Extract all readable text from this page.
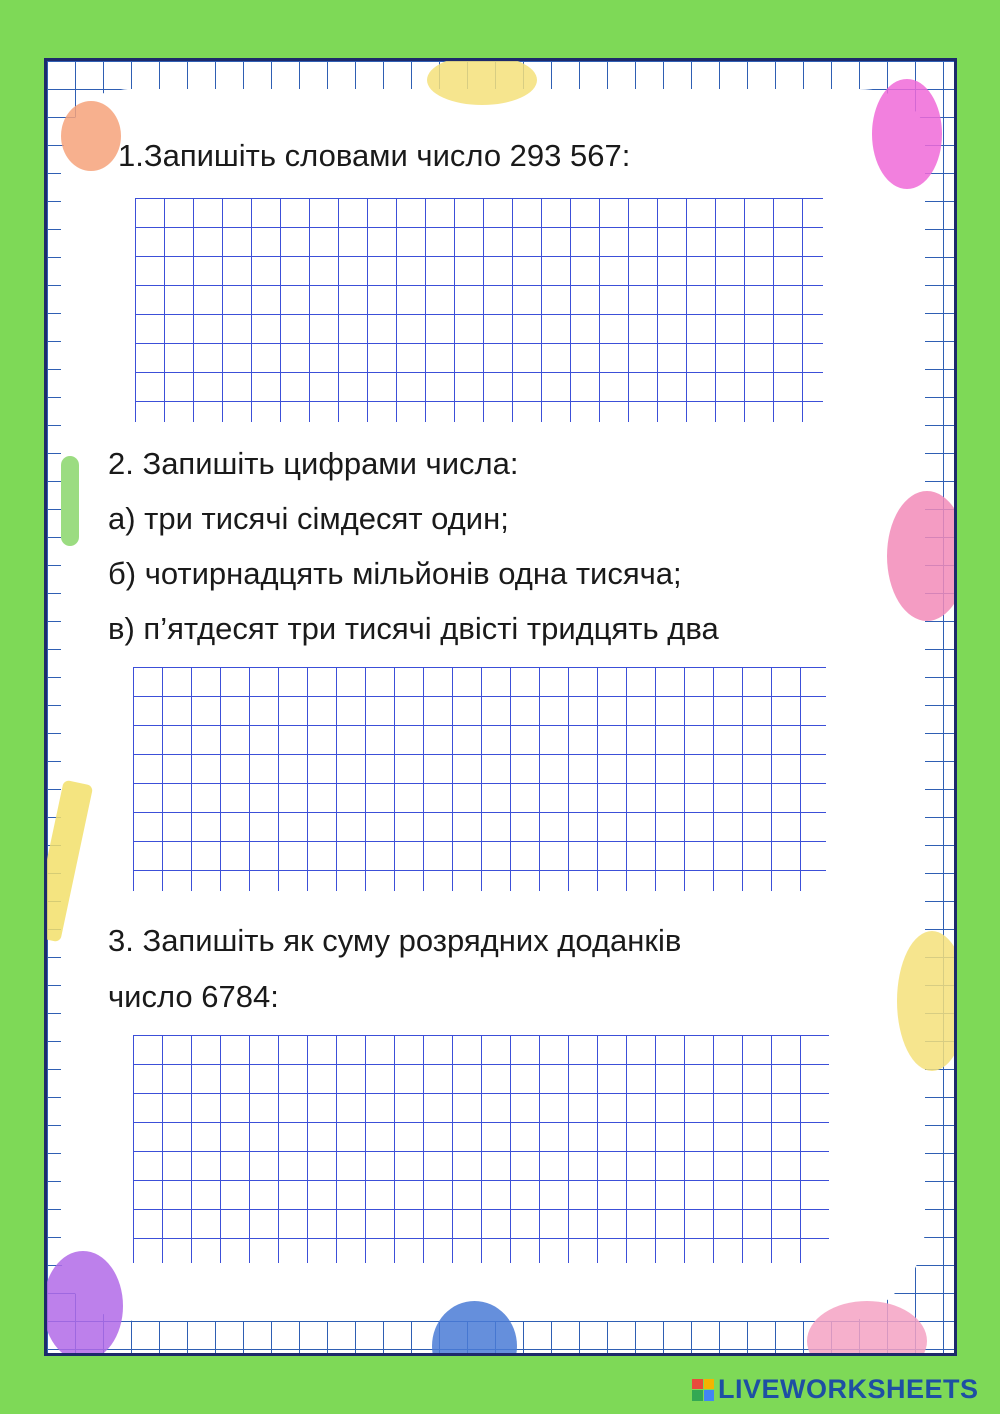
1.Запишіть словами число 293 567:

2. Запишіть цифрами числа:

а) три тисячі сімдесят один;

б) чотирнадцять мільйонів одна тисяча;

в) п’ятдесят три тисячі двісті тридцять два

3. Запишіть як суму розрядних доданків

число 6784:

LIVEWORKSHEETS
